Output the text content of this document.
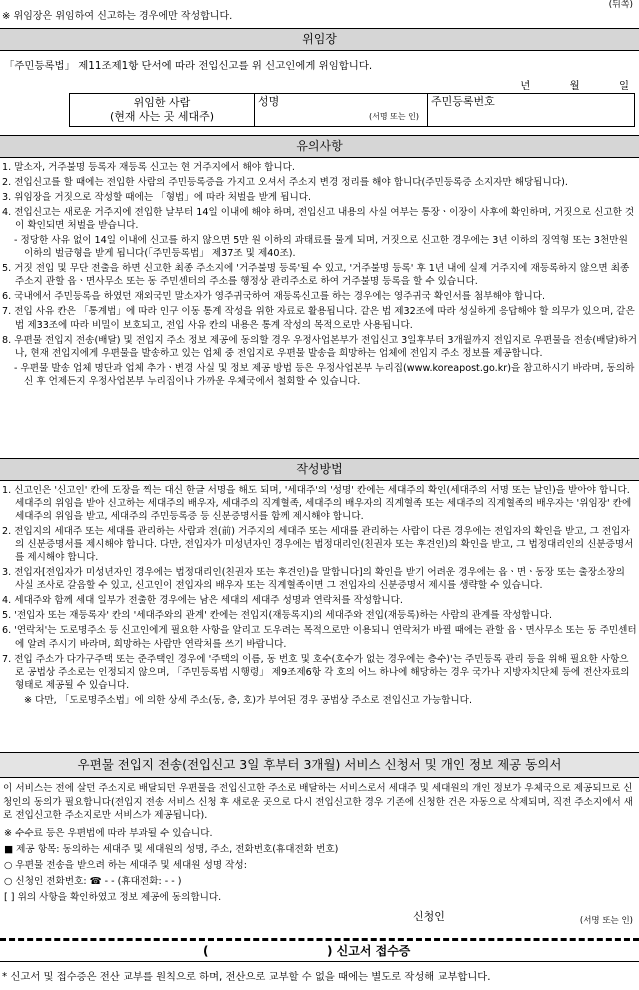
(뒤쪽)
※ 위임장은 위임하여 신고하는 경우에만 작성합니다.
위임장
「주민등록법」 제11조제1항 단서에 따라 전입신고를 위 신고인에게 위임합니다.
년	월	일
위임한 사람
(현재 사는 곳 세대주)
	성명
(서명 또는 인)
	주민등록번호
유의사항
1. 말소자, 거주불명 등록자 재등록 신고는 현 거주지에서 해야 합니다.
2. 전입신고를 할 때에는 전입한 사람의 주민등록증을 가지고 오셔서 주소지 변경 정리를 해야 합니다(주민등록증 소지자만 해당됩니다).
3. 위임장을 거짓으로 작성할 때에는 「형법」에 따라 처벌을 받게 됩니다.
4. 전입신고는 새로운 거주지에 전입한 날부터 14일 이내에 해야 하며, 전입신고 내용의 사실 여부는 통장ㆍ이장이 사후에 확인하며, 거짓으로 신고한 것이 확인되면 처벌을 받습니다.
- 정당한 사유 없이 14일 이내에 신고를 하지 않으면 5만 원 이하의 과태료를 물게 되며, 거짓으로 신고한 경우에는 3년 이하의 징역형 또는 3천만원 이하의 벌금형을 받게 됩니다(「주민등록법」 제37조 및 제40조).
5. 거짓 전입 및 무단 전출을 하면 신고한 최종 주소지에 '거주불명 등록'될 수 있고, '거주불명 등록' 후 1년 내에 실제 거주지에 재등록하지 않으면 최종 주소지 관할 읍ㆍ면사무소 또는 동 주민센터의 주소를 행정상 관리주소로 하여 거주불명 등록을 할 수 있습니다.
6. 국내에서 주민등록을 하였던 재외국민 말소자가 영주귀국하여 재등록신고를 하는 경우에는 영주귀국 확인서를 첨부해야 합니다.
7. 전입 사유 칸은 「통계법」에 따라 인구 이동 통계 작성을 위한 자료로 활용됩니다. 같은 법 제32조에 따라 성실하게 응답해야 할 의무가 있으며, 같은 법 제33조에 따라 비밀이 보호되고, 전입 사유 칸의 내용은 통계 작성의 목적으로만 사용됩니다.
8. 우편물 전입지 전송(배달) 및 전입지 주소 정보 제공에 동의할 경우 우정사업본부가 전입신고 3일후부터 3개월까지 전입지로 우편물을 전송(배달)하거나, 현재 전입지에게 우편물을 발송하고 있는 업체 중 전입지로 우편물 발송을 희망하는 업체에 전입지 주소 정보를 제공합니다.
- 우편물 발송 업체 명단과 업체 추가ㆍ변경 사실 및 정보 제공 방법 등은 우정사업본부 누리집(www.koreapost.go.kr)을 참고하시기 바라며, 동의하신 후 언제든지 우정사업본부 누리집이나 가까운 우체국에서 철회할 수 있습니다.
작성방법
1. 신고인은 '신고인' 칸에 도장을 찍는 대신 한글 서명을 해도 되며, '세대주'의 '성명' 칸에는 세대주의 확인(세대주의 서명 또는 날인)을 받아야 합니다. 세대주의 위임을 받아 신고하는 세대주의 배우자, 세대주의 직계혈족, 세대주의 배우자의 직계혈족 또는 세대주의 직계혈족의 배우자는 '위임장' 칸에 세대주의 위임을 받고, 세대주의 주민등록증 등 신분증명서를 함께 제시해야 합니다.
2. 전입지의 세대주 또는 세대를 관리하는 사람과 전(前) 거주지의 세대주 또는 세대를 관리하는 사람이 다른 경우에는 전입자의 확인을 받고, 그 전입자의 신분증명서를 제시해야 합니다. 다만, 전입자가 미성년자인 경우에는 법정대리인(친권자 또는 후견인)의 확인을 받고, 그 법정대리인의 신분증명서를 제시해야 합니다.
3. 전입자[전입자가 미성년자인 경우에는 법정대리인(친권자 또는 후견인)을 말합니다]의 확인을 받기 어려운 경우에는 읍ㆍ면ㆍ동장 또는 출장소장의 사실 조사로 갈음할 수 있고, 신고인이 전입자의 배우자 또는 직계혈족이면 그 전입자의 신분증명서 제시를 생략할 수 있습니다.
4. 세대주와 함께 세대 일부가 전출한 경우에는 남은 세대의 세대주 성명과 연락처를 작성합니다.
5. '전입자 또는 재등록자' 칸의 '세대주와의 관계' 칸에는 전입지(재등록지)의 세대주와 전입(재등록)하는 사람의 관계를 작성합니다.
6. '연락처'는 도로명주소 등 신고인에게 필요한 사항을 알리고 도우려는 목적으로만 이용되니 연락처가 바뀔 때에는 관할 읍ㆍ면사무소 또는 동 주민센터에 알려 주시기 바라며, 희망하는 사람만 연락처를 쓰기 바랍니다.
7. 전입 주소가 다가구주택 또는 준주택인 경우에 '주택의 이름, 동 번호 및 호수(호수가 없는 경우에는 층수)'는 주민등록 관리 등을 위해 필요한 사항으로 공법상 주소로는 인정되지 않으며, 「주민등록법 시행령」 제9조제6항 각 호의 어느 하나에 해당하는 경우 국가나 지방자치단체 등에 전산자료의 형태로 제공될 수 있습니다.
※ 다만, 「도로명주소법」에 의한 상세 주소(동, 층, 호)가 부여된 경우 공법상 주소로 전입신고 가능합니다.
우편물 전입지 전송(전입신고 3일 후부터 3개월) 서비스 신청서 및 개인 정보 제공 동의서
이 서비스는 전에 살던 주소지로 배달되던 우편물을 전입신고한 주소로 배달하는 서비스로서 세대주 및 세대원의 개인 정보가 우체국으로 제공되므로 신청인의 동의가 필요합니다(전입지 전송 서비스 신청 후 새로운 곳으로 다시 전입신고한 경우 기존에 신청한 건은 자동으로 삭제되며, 직전 주소지에서 새로 전입신고한 주소지로만 서비스가 제공됩니다).
※ 수수료 등은 우편법에 따라 부과될 수 있습니다.
■ 제공 항목: 동의하는 세대주 및 세대원의 성명, 주소, 전화번호(휴대전화 번호)
○ 우편물 전송을 받으려 하는 세대주 및 세대원 성명 작성:
○ 신청인 전화번호: ☎ - - (휴대전화: - - )
[ ] 위의 사항을 확인하였고 정보 제공에 동의합니다.
신청인	(서명 또는 인)
(	) 신고서 접수증
* 신고서 및 접수증은 전산 교부를 원칙으로 하며, 전산으로 교부할 수 없을 때에는 별도로 작성해 교부합니다.
